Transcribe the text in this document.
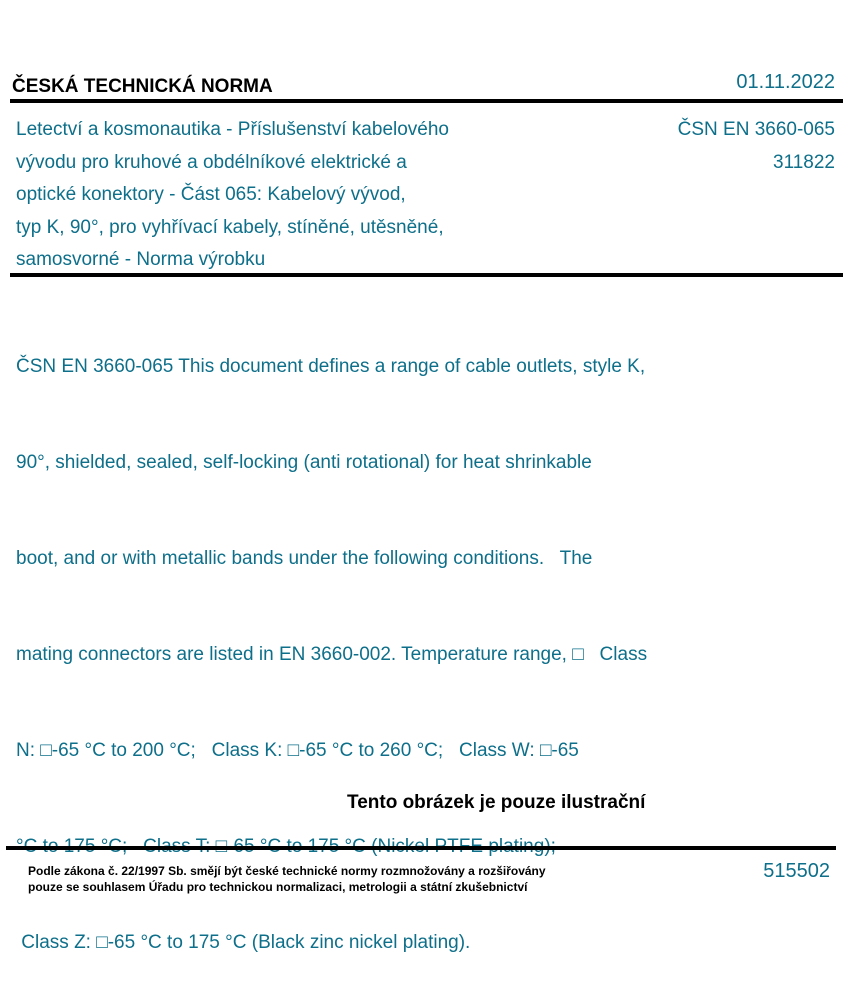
ČESKÁ TECHNICKÁ NORMA	01.11.2022
Letectví a kosmonautika - Příslušenství kabelového
vývodu pro kruhové a obdélníkové elektrické a
optické konektory - Část 065: Kabelový vývod,
typ K, 90°, pro vyhřívací kabely, stíněné, utěsněné,
samosvorné - Norma výrobku
ČSN EN 3660-065
311822

ČSN EN 3660-065 This document defines a range of cable outlets, style K,

90°, shielded, sealed, self-locking (anti rotational) for heat shrinkable

boot, and or with metallic bands under the following conditions.   The

mating connectors are listed in EN 3660-002. Temperature range, □   Class

N: □-65 °C to 200 °C;   Class K: □-65 °C to 260 °C;   Class W: □-65

Class Z: □-65 °C to 175 °C (Black zinc nickel plating).

Tento obrázek je pouze ilustrační
Podle zákona č. 22/1997 Sb. smějí být české technické normy rozmnožovány a rozšiřovány
pouze se souhlasem Úřadu pro technickou normalizaci, metrologii a státní zkušebnictví
515502
